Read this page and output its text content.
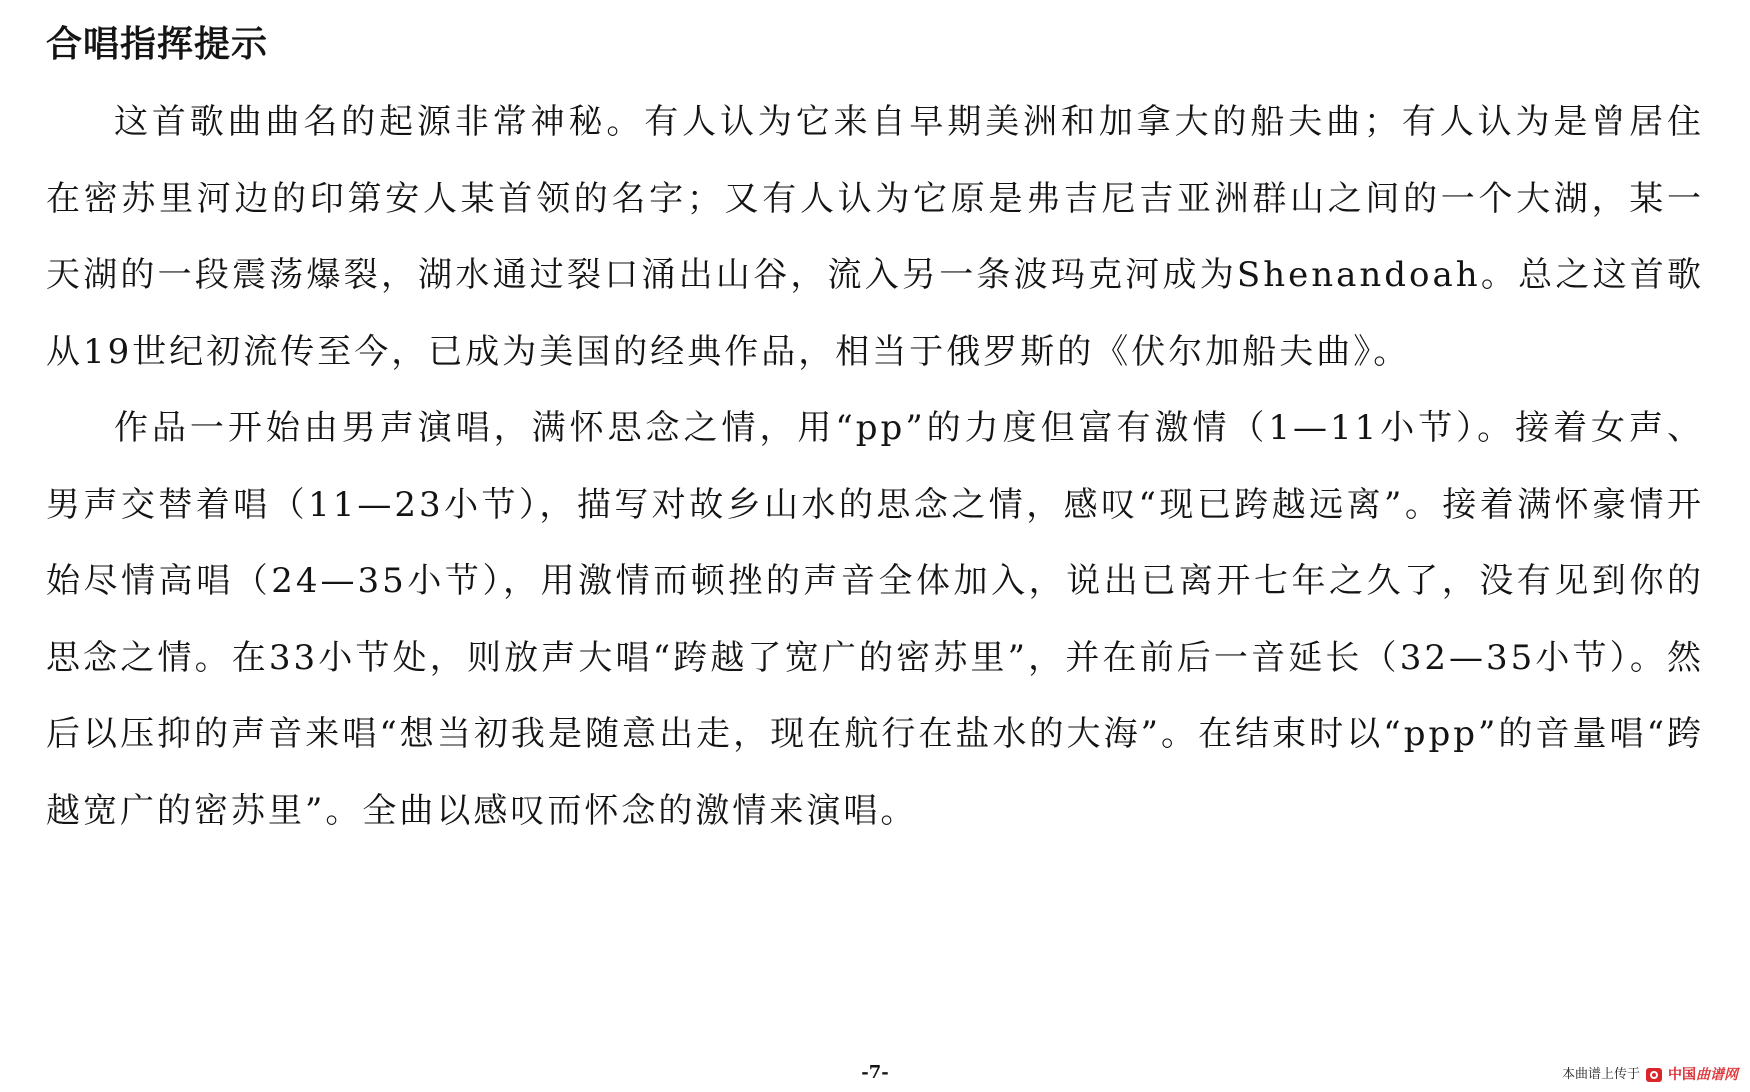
合唱指挥提示

这首歌曲曲名的起源非常神秘。有人认为它来自早期美洲和加拿大的船夫曲；有人认为是曾居住在密苏里河边的印第安人某首领的名字；又有人认为它原是弗吉尼吉亚洲群山之间的一个大湖，某一天湖的一段震荡爆裂，湖水通过裂口涌出山谷，流入另一条波玛克河成为Shenandoah。总之这首歌从19世纪初流传至今，已成为美国的经典作品，相当于俄罗斯的《伏尔加船夫曲》。

作品一开始由男声演唱，满怀思念之情，用“pp”的力度但富有激情（1—11小节）。接着女声、男声交替着唱（11—23小节），描写对故乡山水的思念之情，感叹“现已跨越远离”。接着满怀豪情开始尽情高唱（24—35小节），用激情而顿挫的声音全体加入，说出已离开七年之久了，没有见到你的思念之情。在33小节处，则放声大唱“跨越了宽广的密苏里”，并在前后一音延长（32—35小节）。然后以压抑的声音来唱“想当初我是随意出走，现在航行在盐水的大海”。在结束时以“ppp”的音量唱“跨越宽广的密苏里”。全曲以感叹而怀念的激情来演唱。

-7-	本曲谱上传于 中国曲谱网
